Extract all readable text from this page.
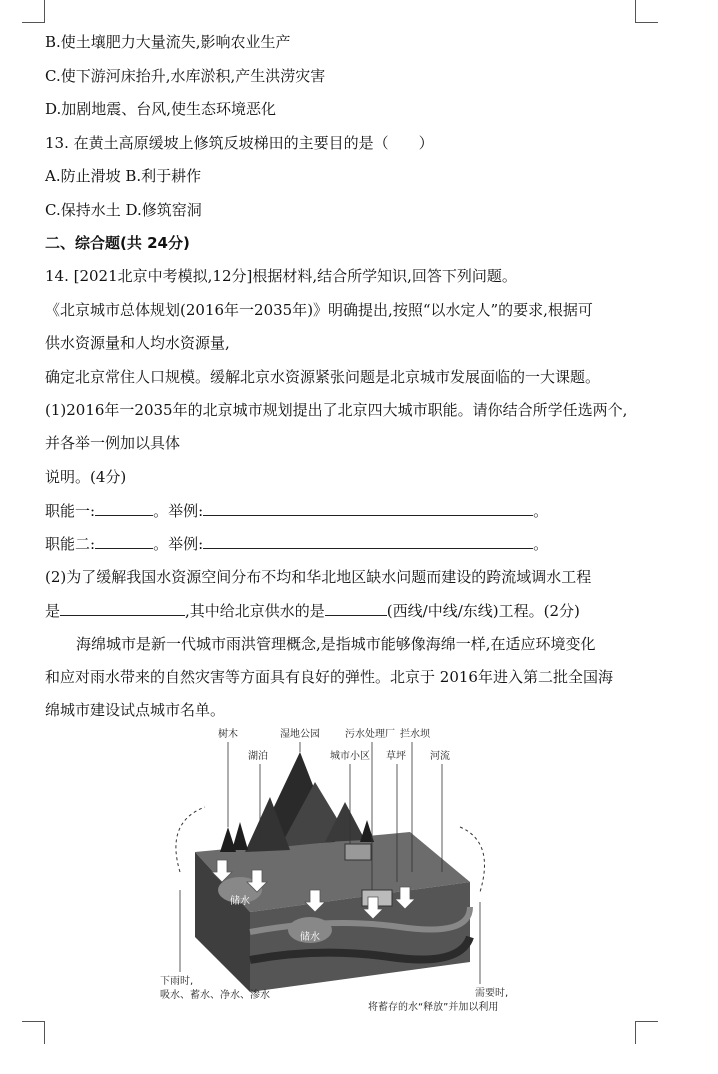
B.使土壤肥力大量流失,影响农业生产
C.使下游河床抬升,水库淤积,产生洪涝灾害
D.加剧地震、台风,使生态环境恶化
13. 在黄土高原缓坡上修筑反坡梯田的主要目的是（　　）
A.防止滑坡 B.利于耕作
C.保持水土 D.修筑窑洞
二、综合题(共 24分)
14. [2021北京中考模拟,12分]根据材料,结合所学知识,回答下列问题。
《北京城市总体规划(2016年一2035年)》明确提出,按照“以水定人”的要求,根据可
供水资源量和人均水资源量,
确定北京常住人口规模。缓解北京水资源紧张问题是北京城市发展面临的一大课题。
(1)2016年一2035年的北京城市规划提出了北京四大城市职能。请你结合所学任选两个,
并各举一例加以具体
说明。(4分)
职能一:	。举例:	。
职能二:	。举例:	。
(2)为了缓解我国水资源空间分布不均和华北地区缺水问题而建设的跨流域调水工程
是	,其中给北京供水的是	(西线/中线/东线)工程。(2分)
海绵城市是新一代城市雨洪管理概念,是指城市能够像海绵一样,在适应环境变化
和应对雨水带来的自然灾害等方面具有良好的弹性。北京于 2016年进入第二批全国海
绵城市建设试点城市名单。
树木	湿地公园	污水处理厂 拦水坝
湖泊	城市小区 草坪 河流
储水
储水
下雨时,
吸水、蓄水、净水、渗水	需要时,
将蓄存的水“释放”并加以利用
